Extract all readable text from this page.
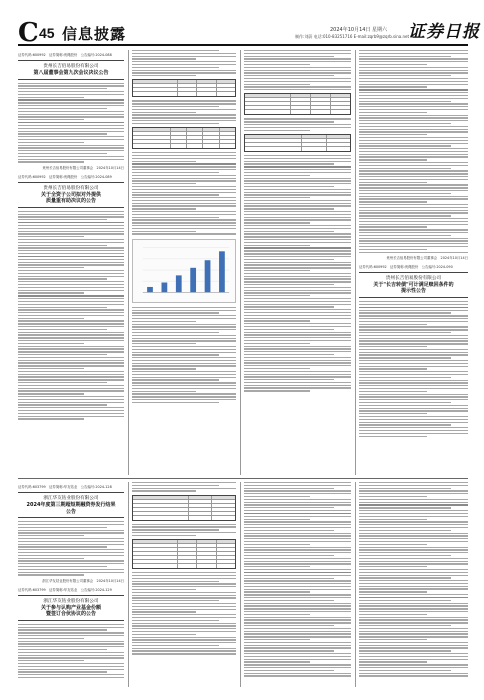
C 45 信息披露	2024年10月14日 星期六
制作:刘蔚 电话:010-83251716 E-mail:zqrb9@zqrb.sina.net
证券日报
证券代码:600992　证券简称:贵绳股份　公告编号:2024-088
贵州长吉佰易股份有限公司
第八届董事会第九次会议决议公告
贵州长吉佰易股份有限公司董事会　2024年10月14日
证券代码:600992　证券简称:贵绳股份　公告编号:2024-089
贵州长吉佰易股份有限公司
关于全资子公司拟对外提供
质量重有助决议的公告
贵州长吉佰易股份有限公司董事会　2024年10月14日
证券代码:600992　证券简称:贵绳股份　公告编号:2024-090
贵州长吉佰易股份有限公司
关于"长吉转债"可计满足赎回条件的
提示性公告
证券代码:603799　证券简称:华友钴业　公告编号:2024-128
浙江华友钴业股份有限公司
2024年度第三期超短期融资券发行结果
公告
浙江华友钴业股份有限公司董事会　2024年10月14日
证券代码:603799　证券简称:华友钴业　公告编号:2024-129
浙江华友钴业股份有限公司
关于参与认购产业基金份额
暨签订合伙协议的公告
